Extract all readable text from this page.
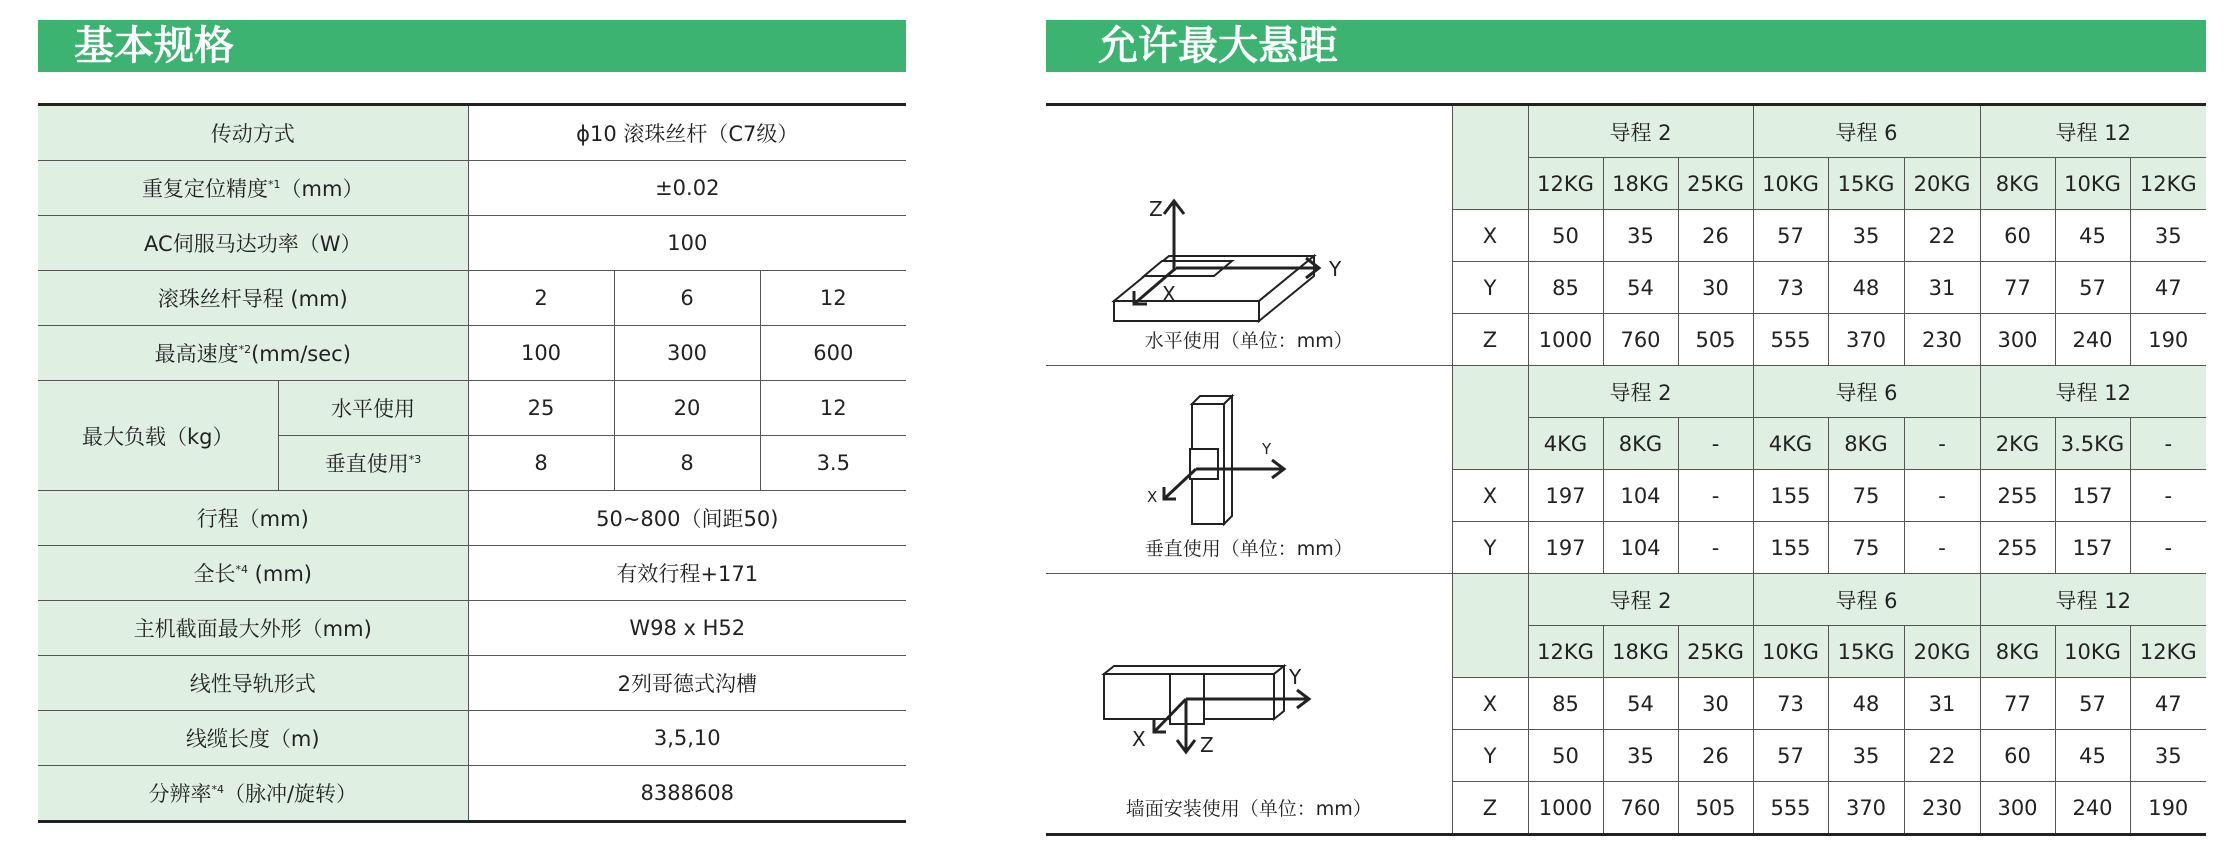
基本规格
传动方式		ϕ10 滚珠丝杆（C7级）		
重复定位精度$^{*1}$（mm）		±0.02		
AC伺服马达功率（W）		100		
滚珠丝杆导程 (mm)		2	6	12
最高速度$^{*2}$(mm/sec)		100	300	600
最大负载（kg）	水平使用	25	20	12
	垂直使用$^{*3}$	8	8	3.5
行程（mm)		50~800（间距50)		
全长$^{*4}$ (mm)		有效行程+171		
主机截面最大外形（mm)		W98 x H52		
线性导轨形式		2列哥德式沟槽		
线缆长度（m)		3,5,10		
分辨率$^{*4}$（脉冲/旋转）		8388608		
允许最大悬距
Z
Y
X
水平使用（单位：mm）		导程 2			导程 6			导程 12		
		12KG	18KG	25KG	10KG	15KG	20KG	8KG	10KG	12KG
	X	50	35	26	57	35	22	60	45	35
	Y	85	54	30	73	48	31	77	57	47
	Z	1000	760	505	555	370	230	300	240	190

Y
X
垂直使用（单位：mm）		导程 2			导程 6			导程 12		
		4KG	8KG	-	4KG	8KG	-	2KG	3.5KG	-
	X	197	104	-	155	75	-	255	157	-
	Y	197	104	-	155	75	-	255	157	-

Y
X Z
墙面安装使用（单位：mm）		导程 2			导程 6			导程 12		
		12KG	18KG	25KG	10KG	15KG	20KG	8KG	10KG	12KG
	X	85	54	30	73	48	31	77	57	47
	Y	50	35	26	57	35	22	60	45	35
	Z	1000	760	505	555	370	230	300	240	190
